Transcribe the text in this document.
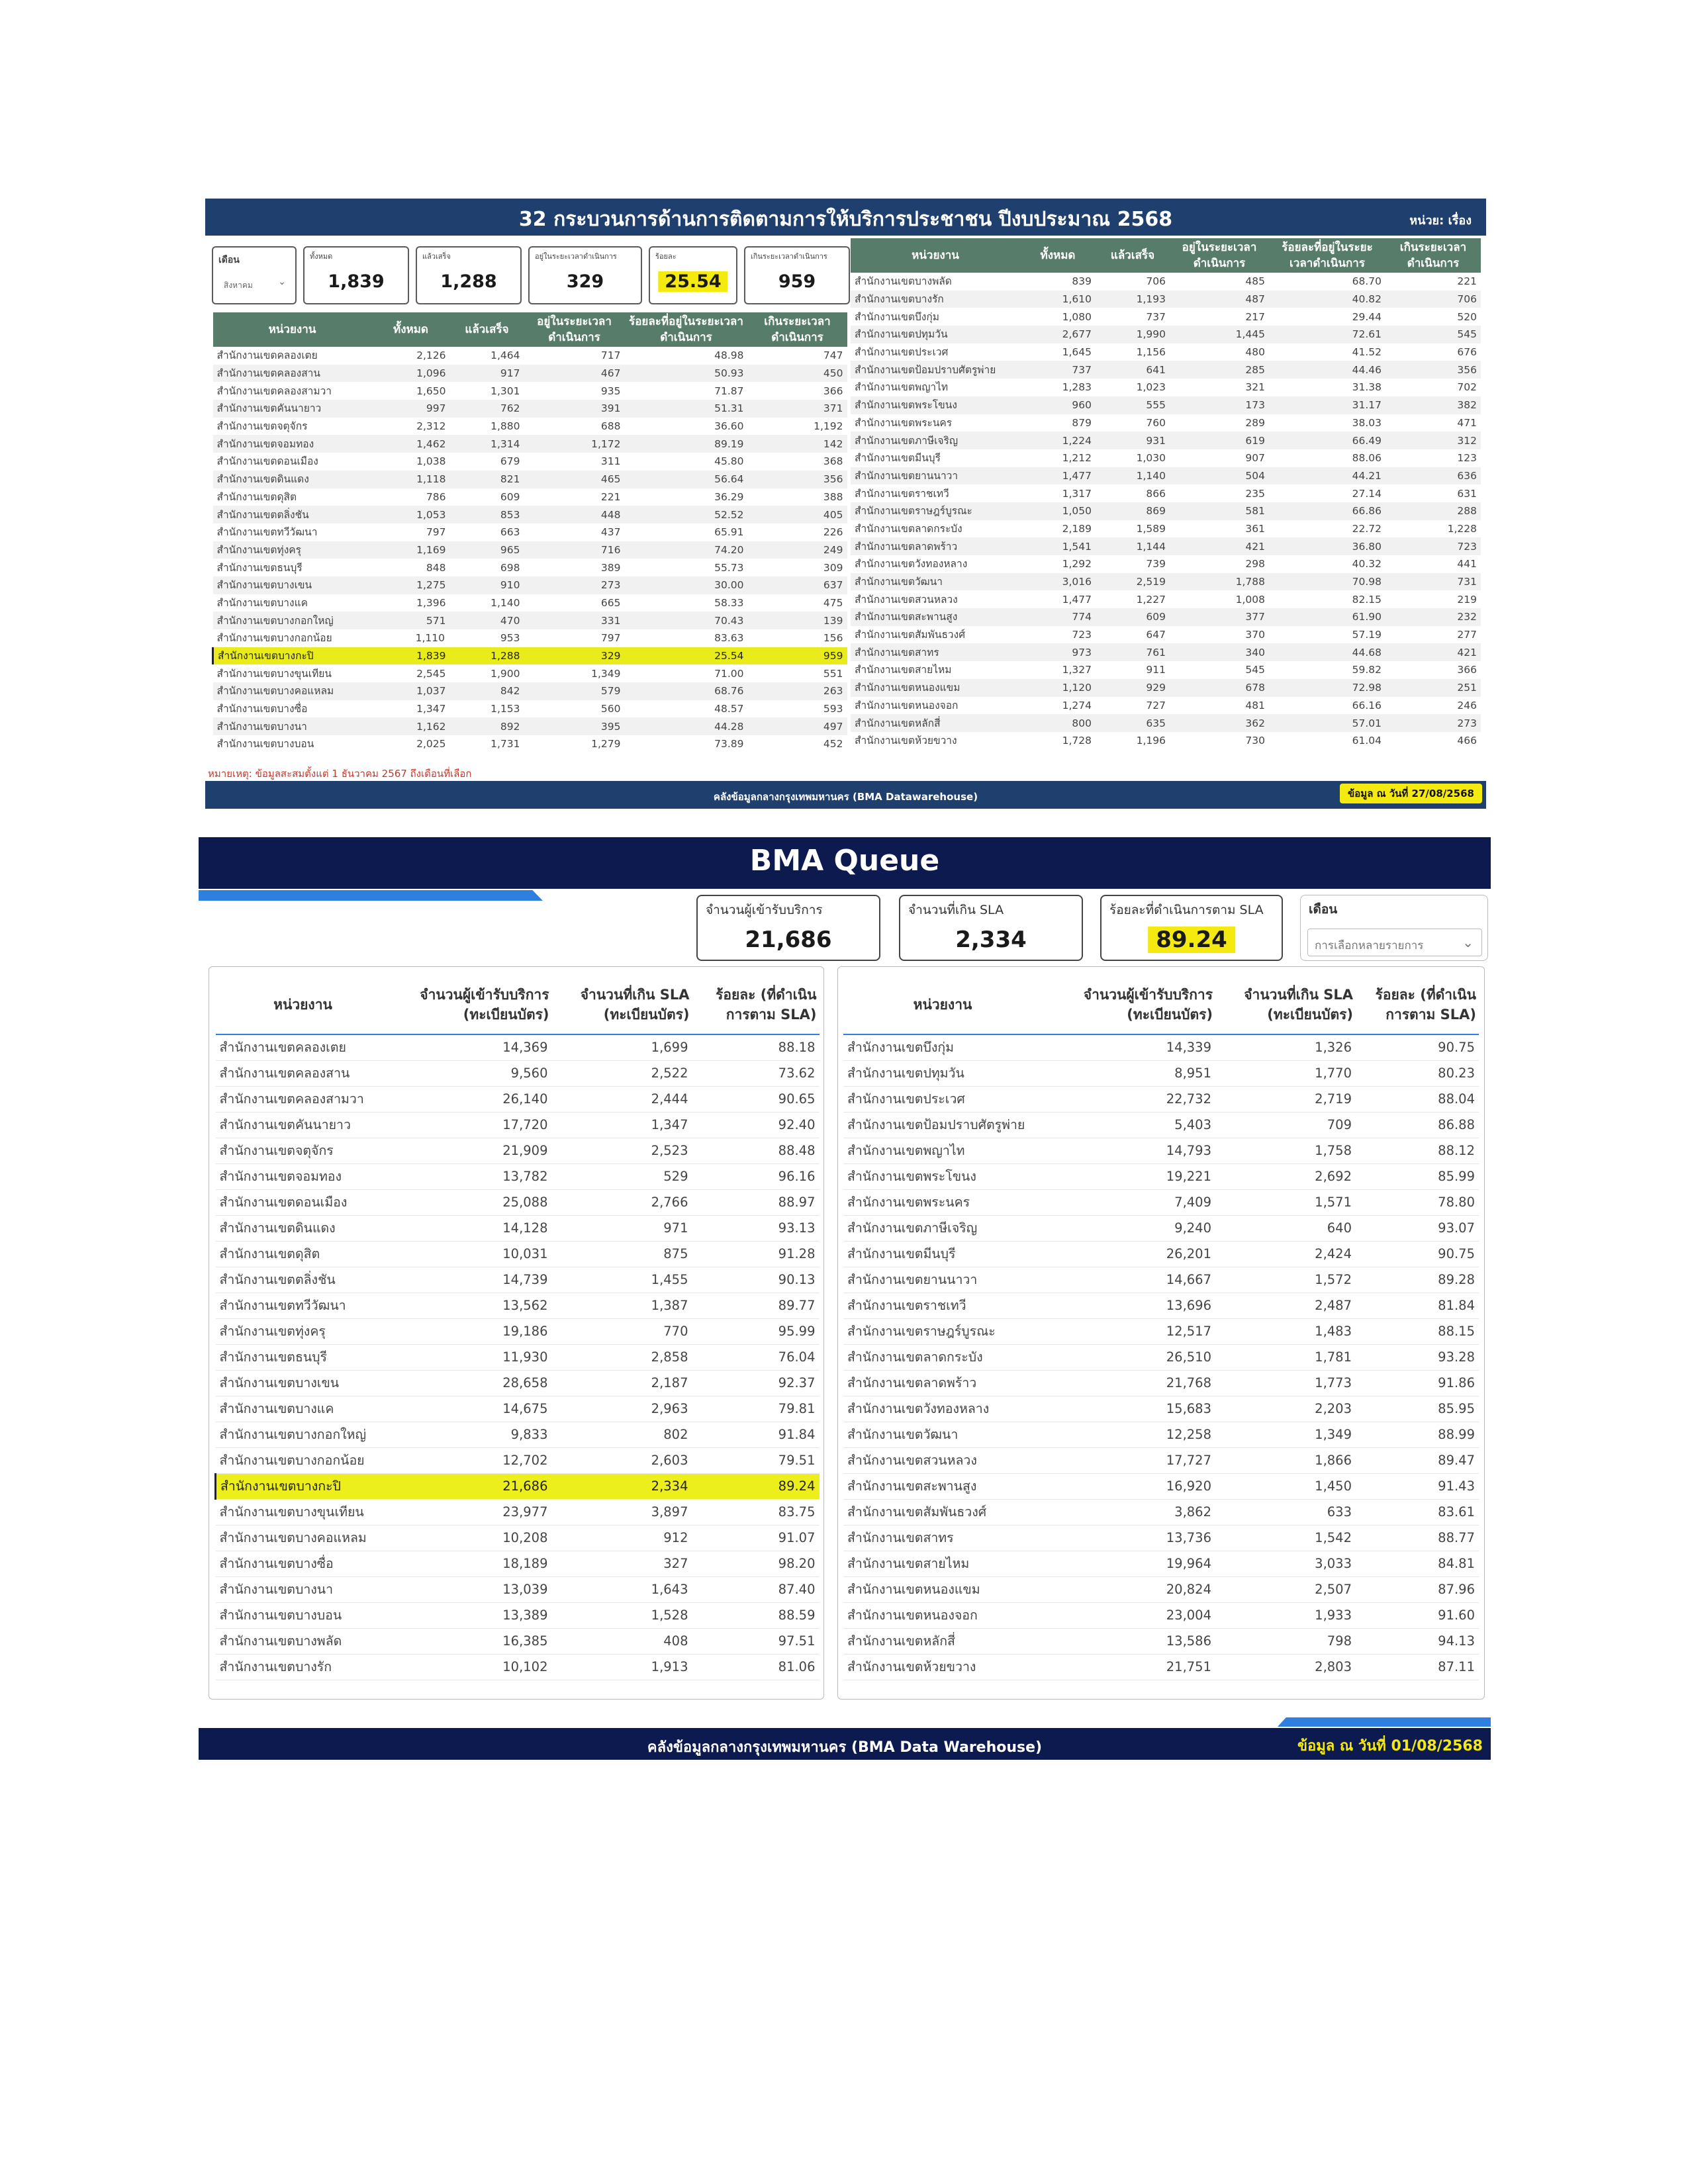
32 กระบวนการด้านการติดตามการให้บริการประชาชน ปีงบประมาณ 2568	หน่วย: เรื่อง
เดือน
สิงหาคม	⌄
ทั้งหมด
1,839
แล้วเสร็จ
1,288
อยู่ในระยะเวลาดำเนินการ
329
ร้อยละ
25.54
เกินระยะเวลาดำเนินการ
959
หน่วยงาน	ทั้งหมด	แล้วเสร็จ	อยู่ในระยะเวลาดำเนินการ	ร้อยละที่อยู่ในระยะเวลาดำเนินการ	เกินระยะเวลาดำเนินการ
สำนักงานเขตคลองเตย	2,126	1,464	717	48.98	747
สำนักงานเขตคลองสาน	1,096	917	467	50.93	450
สำนักงานเขตคลองสามวา	1,650	1,301	935	71.87	366
สำนักงานเขตคันนายาว	997	762	391	51.31	371
สำนักงานเขตจตุจักร	2,312	1,880	688	36.60	1,192
สำนักงานเขตจอมทอง	1,462	1,314	1,172	89.19	142
สำนักงานเขตดอนเมือง	1,038	679	311	45.80	368
สำนักงานเขตดินแดง	1,118	821	465	56.64	356
สำนักงานเขตดุสิต	786	609	221	36.29	388
สำนักงานเขตตลิ่งชัน	1,053	853	448	52.52	405
สำนักงานเขตทวีวัฒนา	797	663	437	65.91	226
สำนักงานเขตทุ่งครุ	1,169	965	716	74.20	249
สำนักงานเขตธนบุรี	848	698	389	55.73	309
สำนักงานเขตบางเขน	1,275	910	273	30.00	637
สำนักงานเขตบางแค	1,396	1,140	665	58.33	475
สำนักงานเขตบางกอกใหญ่	571	470	331	70.43	139
สำนักงานเขตบางกอกน้อย	1,110	953	797	83.63	156
สำนักงานเขตบางกะปิ	1,839	1,288	329	25.54	959
สำนักงานเขตบางขุนเทียน	2,545	1,900	1,349	71.00	551
สำนักงานเขตบางคอแหลม	1,037	842	579	68.76	263
สำนักงานเขตบางซื่อ	1,347	1,153	560	48.57	593
สำนักงานเขตบางนา	1,162	892	395	44.28	497
สำนักงานเขตบางบอน	2,025	1,731	1,279	73.89	452
หน่วยงาน	ทั้งหมด	แล้วเสร็จ	อยู่ในระยะเวลาดำเนินการ	ร้อยละที่อยู่ในระยะเวลาดำเนินการ	เกินระยะเวลาดำเนินการ
สำนักงานเขตบางพลัด	839	706	485	68.70	221
สำนักงานเขตบางรัก	1,610	1,193	487	40.82	706
สำนักงานเขตบึงกุ่ม	1,080	737	217	29.44	520
สำนักงานเขตปทุมวัน	2,677	1,990	1,445	72.61	545
สำนักงานเขตประเวศ	1,645	1,156	480	41.52	676
สำนักงานเขตป้อมปราบศัตรูพ่าย	737	641	285	44.46	356
สำนักงานเขตพญาไท	1,283	1,023	321	31.38	702
สำนักงานเขตพระโขนง	960	555	173	31.17	382
สำนักงานเขตพระนคร	879	760	289	38.03	471
สำนักงานเขตภาษีเจริญ	1,224	931	619	66.49	312
สำนักงานเขตมีนบุรี	1,212	1,030	907	88.06	123
สำนักงานเขตยานนาวา	1,477	1,140	504	44.21	636
สำนักงานเขตราชเทวี	1,317	866	235	27.14	631
สำนักงานเขตราษฎร์บูรณะ	1,050	869	581	66.86	288
สำนักงานเขตลาดกระบัง	2,189	1,589	361	22.72	1,228
สำนักงานเขตลาดพร้าว	1,541	1,144	421	36.80	723
สำนักงานเขตวังทองหลาง	1,292	739	298	40.32	441
สำนักงานเขตวัฒนา	3,016	2,519	1,788	70.98	731
สำนักงานเขตสวนหลวง	1,477	1,227	1,008	82.15	219
สำนักงานเขตสะพานสูง	774	609	377	61.90	232
สำนักงานเขตสัมพันธวงศ์	723	647	370	57.19	277
สำนักงานเขตสาทร	973	761	340	44.68	421
สำนักงานเขตสายไหม	1,327	911	545	59.82	366
สำนักงานเขตหนองแขม	1,120	929	678	72.98	251
สำนักงานเขตหนองจอก	1,274	727	481	66.16	246
สำนักงานเขตหลักสี่	800	635	362	57.01	273
สำนักงานเขตห้วยขวาง	1,728	1,196	730	61.04	466
หมายเหตุ: ข้อมูลสะสมตั้งแต่ 1 ธันวาคม 2567 ถึงเดือนที่เลือก
คลังข้อมูลกลางกรุงเทพมหานคร (BMA Datawarehouse)	ข้อมูล ณ วันที่ 27/08/2568
BMA Queue
จำนวนผู้เข้ารับบริการ
21,686
จำนวนที่เกิน SLA
2,334
ร้อยละที่ดำเนินการตาม SLA
89.24
เดือน
การเลือกหลายรายการ	⌄
หน่วยงาน	จำนวนผู้เข้ารับบริการ (ทะเบียนบัตร)	จำนวนที่เกิน SLA (ทะเบียนบัตร)	ร้อยละ (ที่ดำเนินการตาม SLA)
สำนักงานเขตคลองเตย	14,369	1,699	88.18
สำนักงานเขตคลองสาน	9,560	2,522	73.62
สำนักงานเขตคลองสามวา	26,140	2,444	90.65
สำนักงานเขตคันนายาว	17,720	1,347	92.40
สำนักงานเขตจตุจักร	21,909	2,523	88.48
สำนักงานเขตจอมทอง	13,782	529	96.16
สำนักงานเขตดอนเมือง	25,088	2,766	88.97
สำนักงานเขตดินแดง	14,128	971	93.13
สำนักงานเขตดุสิต	10,031	875	91.28
สำนักงานเขตตลิ่งชัน	14,739	1,455	90.13
สำนักงานเขตทวีวัฒนา	13,562	1,387	89.77
สำนักงานเขตทุ่งครุ	19,186	770	95.99
สำนักงานเขตธนบุรี	11,930	2,858	76.04
สำนักงานเขตบางเขน	28,658	2,187	92.37
สำนักงานเขตบางแค	14,675	2,963	79.81
สำนักงานเขตบางกอกใหญ่	9,833	802	91.84
สำนักงานเขตบางกอกน้อย	12,702	2,603	79.51
สำนักงานเขตบางกะปิ	21,686	2,334	89.24
สำนักงานเขตบางขุนเทียน	23,977	3,897	83.75
สำนักงานเขตบางคอแหลม	10,208	912	91.07
สำนักงานเขตบางซื่อ	18,189	327	98.20
สำนักงานเขตบางนา	13,039	1,643	87.40
สำนักงานเขตบางบอน	13,389	1,528	88.59
สำนักงานเขตบางพลัด	16,385	408	97.51
สำนักงานเขตบางรัก	10,102	1,913	81.06
หน่วยงาน	จำนวนผู้เข้ารับบริการ (ทะเบียนบัตร)	จำนวนที่เกิน SLA (ทะเบียนบัตร)	ร้อยละ (ที่ดำเนินการตาม SLA)
สำนักงานเขตบึงกุ่ม	14,339	1,326	90.75
สำนักงานเขตปทุมวัน	8,951	1,770	80.23
สำนักงานเขตประเวศ	22,732	2,719	88.04
สำนักงานเขตป้อมปราบศัตรูพ่าย	5,403	709	86.88
สำนักงานเขตพญาไท	14,793	1,758	88.12
สำนักงานเขตพระโขนง	19,221	2,692	85.99
สำนักงานเขตพระนคร	7,409	1,571	78.80
สำนักงานเขตภาษีเจริญ	9,240	640	93.07
สำนักงานเขตมีนบุรี	26,201	2,424	90.75
สำนักงานเขตยานนาวา	14,667	1,572	89.28
สำนักงานเขตราชเทวี	13,696	2,487	81.84
สำนักงานเขตราษฎร์บูรณะ	12,517	1,483	88.15
สำนักงานเขตลาดกระบัง	26,510	1,781	93.28
สำนักงานเขตลาดพร้าว	21,768	1,773	91.86
สำนักงานเขตวังทองหลาง	15,683	2,203	85.95
สำนักงานเขตวัฒนา	12,258	1,349	88.99
สำนักงานเขตสวนหลวง	17,727	1,866	89.47
สำนักงานเขตสะพานสูง	16,920	1,450	91.43
สำนักงานเขตสัมพันธวงศ์	3,862	633	83.61
สำนักงานเขตสาทร	13,736	1,542	88.77
สำนักงานเขตสายไหม	19,964	3,033	84.81
สำนักงานเขตหนองแขม	20,824	2,507	87.96
สำนักงานเขตหนองจอก	23,004	1,933	91.60
สำนักงานเขตหลักสี่	13,586	798	94.13
สำนักงานเขตห้วยขวาง	21,751	2,803	87.11
คลังข้อมูลกลางกรุงเทพมหานคร (BMA Data Warehouse)	ข้อมูล ณ วันที่ 01/08/2568
